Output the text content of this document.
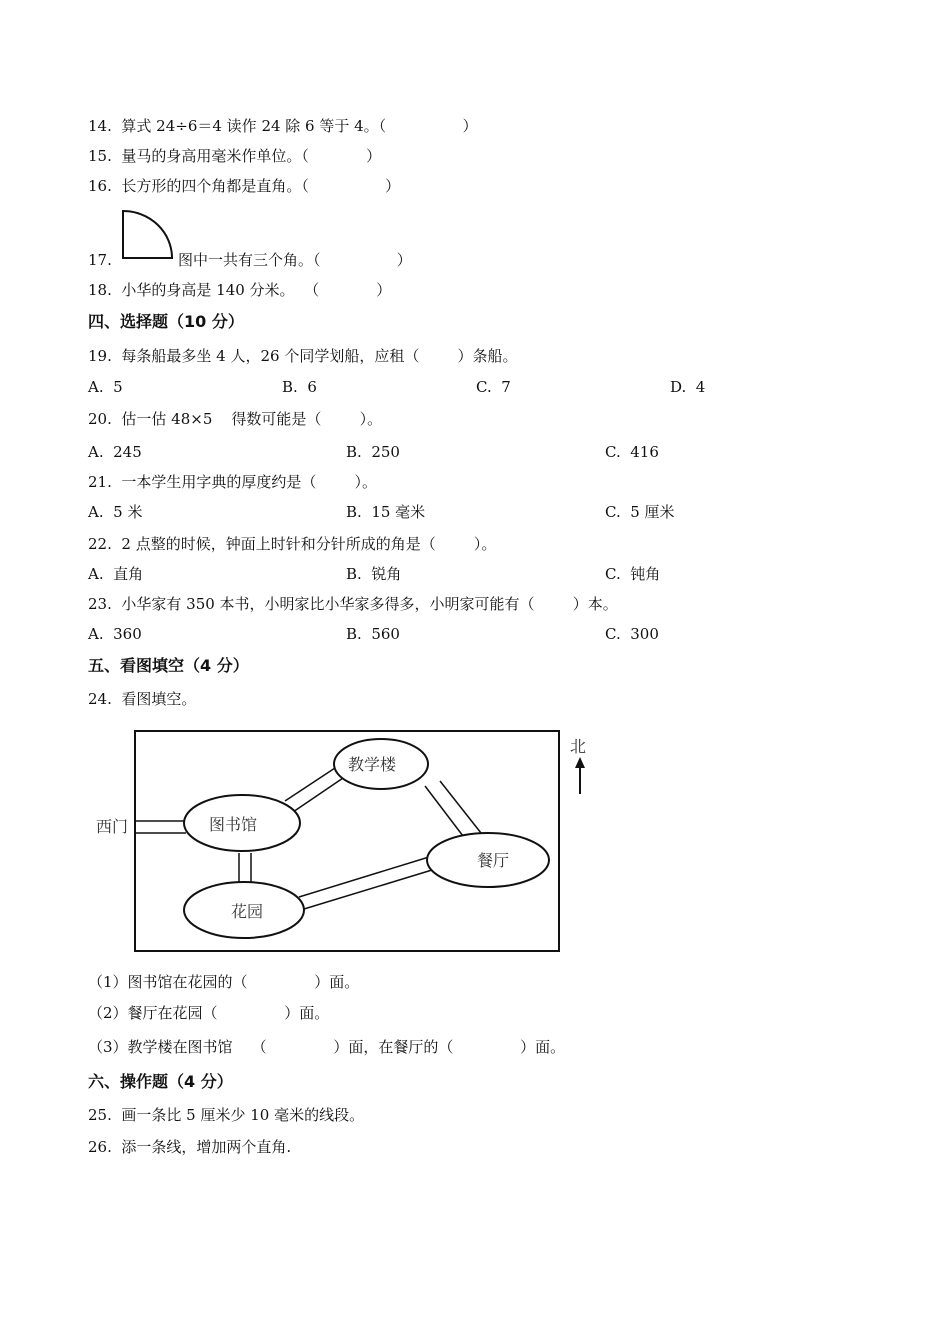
14.  算式 24÷6＝4 读作 24 除 6 等于 4。（                ）
15.  量马的身高用毫米作单位。（            ）
16.  长方形的四个角都是直角。（                ）
17.	图中一共有三个角。（                ）
18.  小华的身高是 140 分米。  （            ）
四、选择题（10 分）
19.  每条船最多坐 4 人，26 个同学划船，应租（        ）条船。
A.  5	B.  6	C.  7	D.  4
20.  估一估 48×5    得数可能是（        ）。
A.  245	B.  250	C.  416
21.  一本学生用字典的厚度约是（        ）。
A.  5 米	B.  15 毫米	C.  5 厘米
22.  2 点整的时候，钟面上时针和分针所成的角是（        ）。
A.  直角	B.  锐角	C.  钝角
23.  小华家有 350 本书，小明家比小华家多得多，小明家可能有（        ）本。
A.  360	B.  560	C.  300
五、看图填空（4 分）
24.  看图填空。
图书馆
教学楼
餐厅
花园
西门
北
（1）图书馆在花园的（              ）面。
（2）餐厅在花园（              ）面。
（3）教学楼在图书馆    （              ）面，在餐厅的（              ）面。
六、操作题（4 分）
25.  画一条比 5 厘米少 10 毫米的线段。
26.  添一条线，增加两个直角.
